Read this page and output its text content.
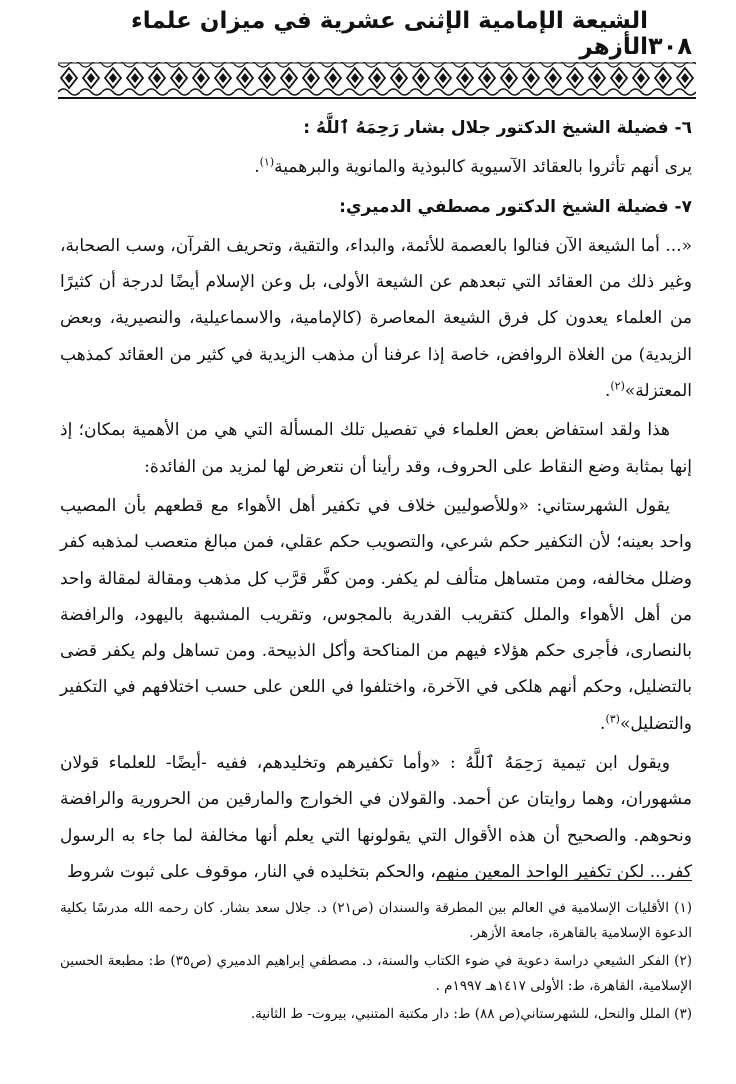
٣٠٨
الشيعة الإمامية الإثنى عشرية في ميزان علماء الأزهر

٦- فضيلة الشيخ الدكتور جلال بشار رَحِمَهُ ٱللَّهُ :

يرى أنهم تأثروا بالعقائد الآسيوية كالبوذية والمانوية والبرهمية$^{(١)}$.

٧- فضيلة الشيخ الدكتور مصطفي الدميري:

«... أما الشيعة الآن فنالوا بالعصمة للأئمة، والبداء، والتقية، وتحريف القرآن، وسب الصحابة، وغير ذلك من العقائد التي تبعدهم عن الشيعة الأولى، بل وعن الإسلام أيضًا لدرجة أن كثيرًا من العلماء يعدون كل فرق الشيعة المعاصرة (كالإمامية، والاسماعيلية، والنصيرية، وبعض الزيدية) من الغلاة الروافض، خاصة إذا عرفنا أن مذهب الزيدية في كثير من العقائد كمذهب المعتزلة»$^{(٢)}$.

هذا ولقد استفاض بعض العلماء في تفصيل تلك المسألة التي هي من الأهمية بمكان؛ إذ إنها بمثابة وضع النقاط على الحروف، وقد رأينا أن نتعرض لها لمزيد من الفائدة:

يقول الشهرستاني: «وللأصوليين خلاف في تكفير أهل الأهواء مع قطعهم بأن المصيب واحد بعينه؛ لأن التكفير حكم شرعي، والتصويب حكم عقلي، فمن مبالغ متعصب لمذهبه كفر وضلل مخالفه، ومن متساهل متألف لم يكفر. ومن كفَّر قرَّب كل مذهب ومقالة لمقالة واحد من أهل الأهواء والملل كتقريب القدرية بالمجوس، وتقريب المشبهة باليهود، والرافضة بالنصارى، فأجرى حكم هؤلاء فيهم من المناكحة وأكل الذبيحة. ومن تساهل ولم يكفر قضى بالتضليل، وحكم أنهم هلكى في الآخرة، واختلفوا في اللعن على حسب اختلافهم في التكفير والتضليل»$^{(٣)}$.

ويقول ابن تيمية رَحِمَهُ ٱللَّهُ : «وأما تكفيرهم وتخليدهم، ففيه -أيضًا- للعلماء قولان مشهوران، وهما روايتان عن أحمد. والقولان في الخوارج والمارقين من الحرورية والرافضة ونحوهم. والصحيح أن هذه الأقوال التي يقولونها التي يعلم أنها مخالفة لما جاء به الرسول كفر... لكن تكفير الواحد المعين منهم، والحكم بتخليده في النار، موقوف على ثبوت شروط

(١) الأقليات الإسلامية في العالم بين المطرقة والسندان (ص٢١) د. جلال سعد بشار. كان رحمه الله مدرسًا بكلية الدعوة الإسلامية بالقاهرة، جامعة الأزهر.

(٢) الفكر الشيعي دراسة دعوية في ضوء الكتاب والسنة، د. مصطفي إبراهيم الدميري (ص٣٥) ط: مطبعة الحسين الإسلامية، القاهرة، ط: الأولى ١٤١٧هـ ١٩٩٧م .

(٣) الملل والنحل، للشهرستاني(ص ٨٨) ط: دار مكتبة المتنبي، بيروت- ط الثانية.
